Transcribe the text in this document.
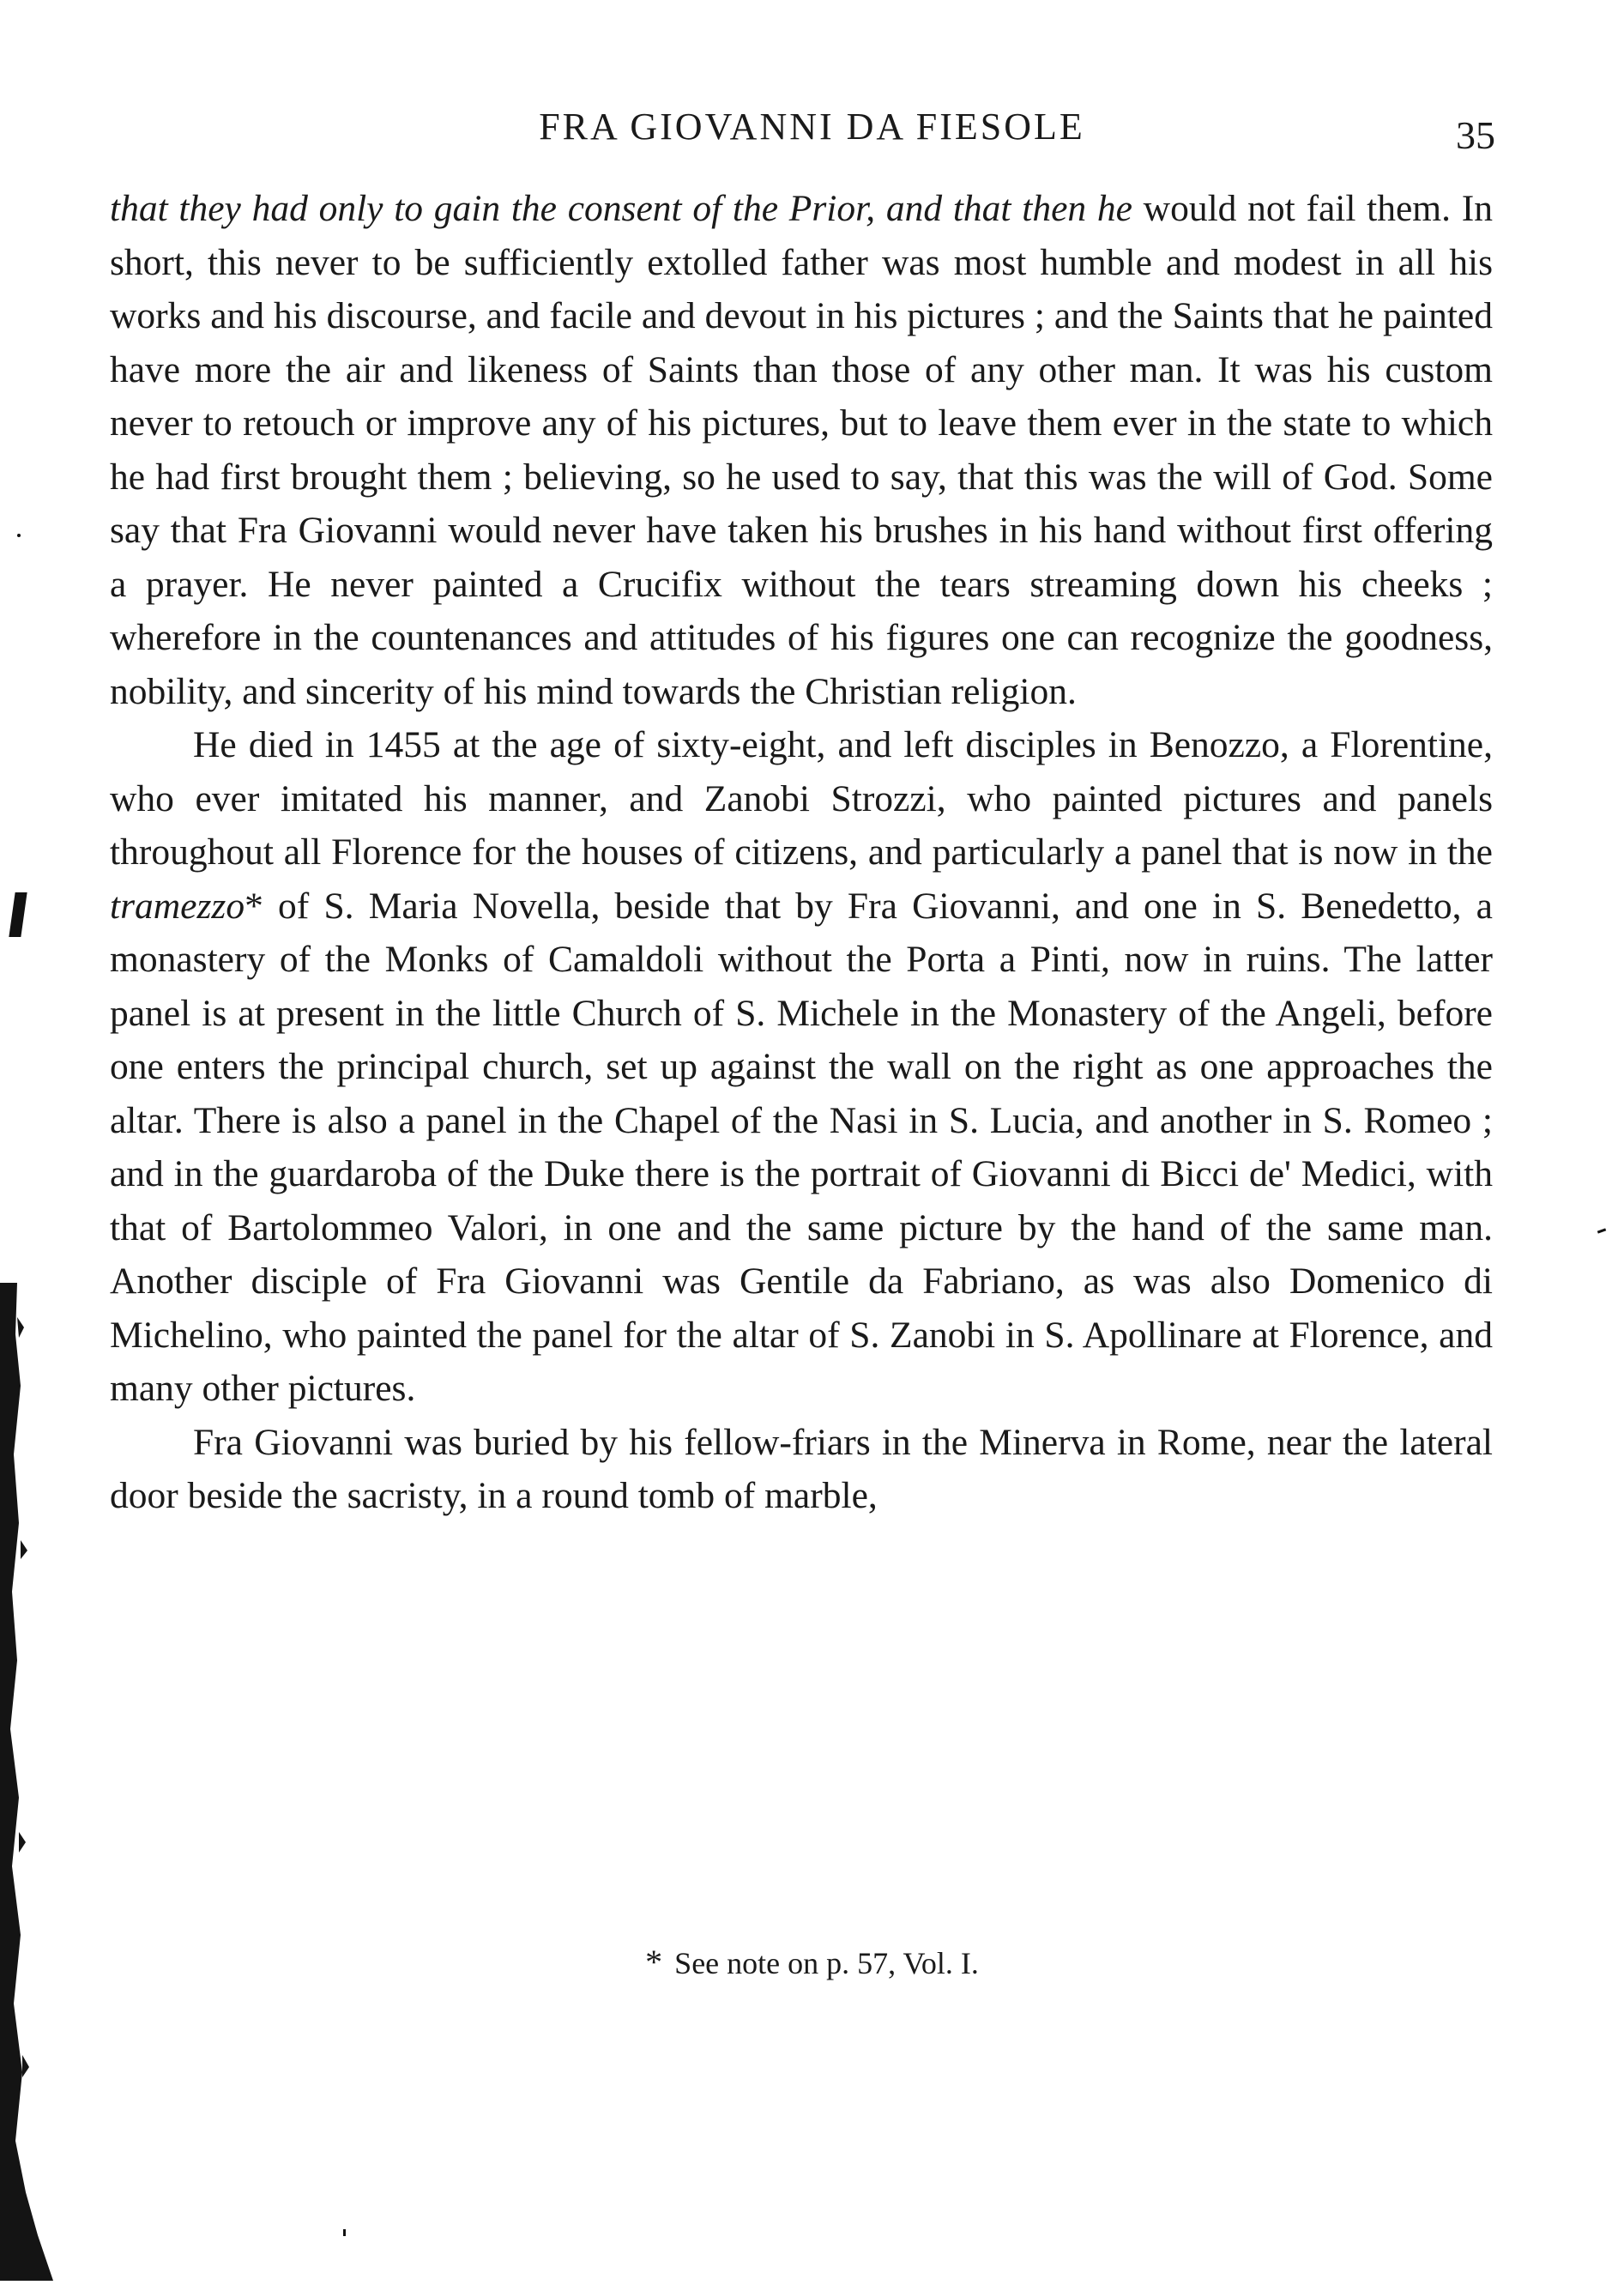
FRA GIOVANNI DA FIESOLE	35

that they had only to gain the consent of the Prior, and that then he would not fail them. In short, this never to be sufficiently extolled father was most humble and modest in all his works and his discourse, and facile and devout in his pictures ; and the Saints that he painted have more the air and likeness of Saints than those of any other man. It was his custom never to retouch or improve any of his pictures, but to leave them ever in the state to which he had first brought them ; believing, so he used to say, that this was the will of God. Some say that Fra Giovanni would never have taken his brushes in his hand without first offering a prayer. He never painted a Crucifix without the tears streaming down his cheeks ; wherefore in the countenances and attitudes of his figures one can recognize the goodness, nobility, and sincerity of his mind towards the Christian religion.

He died in 1455 at the age of sixty-eight, and left disciples in Benozzo, a Florentine, who ever imitated his manner, and Zanobi Strozzi, who painted pictures and panels throughout all Florence for the houses of citizens, and particularly a panel that is now in the tramezzo* of S. Maria Novella, beside that by Fra Giovanni, and one in S. Benedetto, a monastery of the Monks of Camaldoli without the Porta a Pinti, now in ruins. The latter panel is at present in the little Church of S. Michele in the Monastery of the Angeli, before one enters the principal church, set up against the wall on the right as one approaches the altar. There is also a panel in the Chapel of the Nasi in S. Lucia, and another in S. Romeo ; and in the guardaroba of the Duke there is the portrait of Giovanni di Bicci de' Medici, with that of Bartolommeo Valori, in one and the same picture by the hand of the same man. Another disciple of Fra Giovanni was Gentile da Fabriano, as was also Domenico di Michelino, who painted the panel for the altar of S. Zanobi in S. Apollinare at Florence, and many other pictures.

Fra Giovanni was buried by his fellow-friars in the Minerva in Rome, near the lateral door beside the sacristy, in a round tomb of marble,

* See note on p. 57, Vol. I.
